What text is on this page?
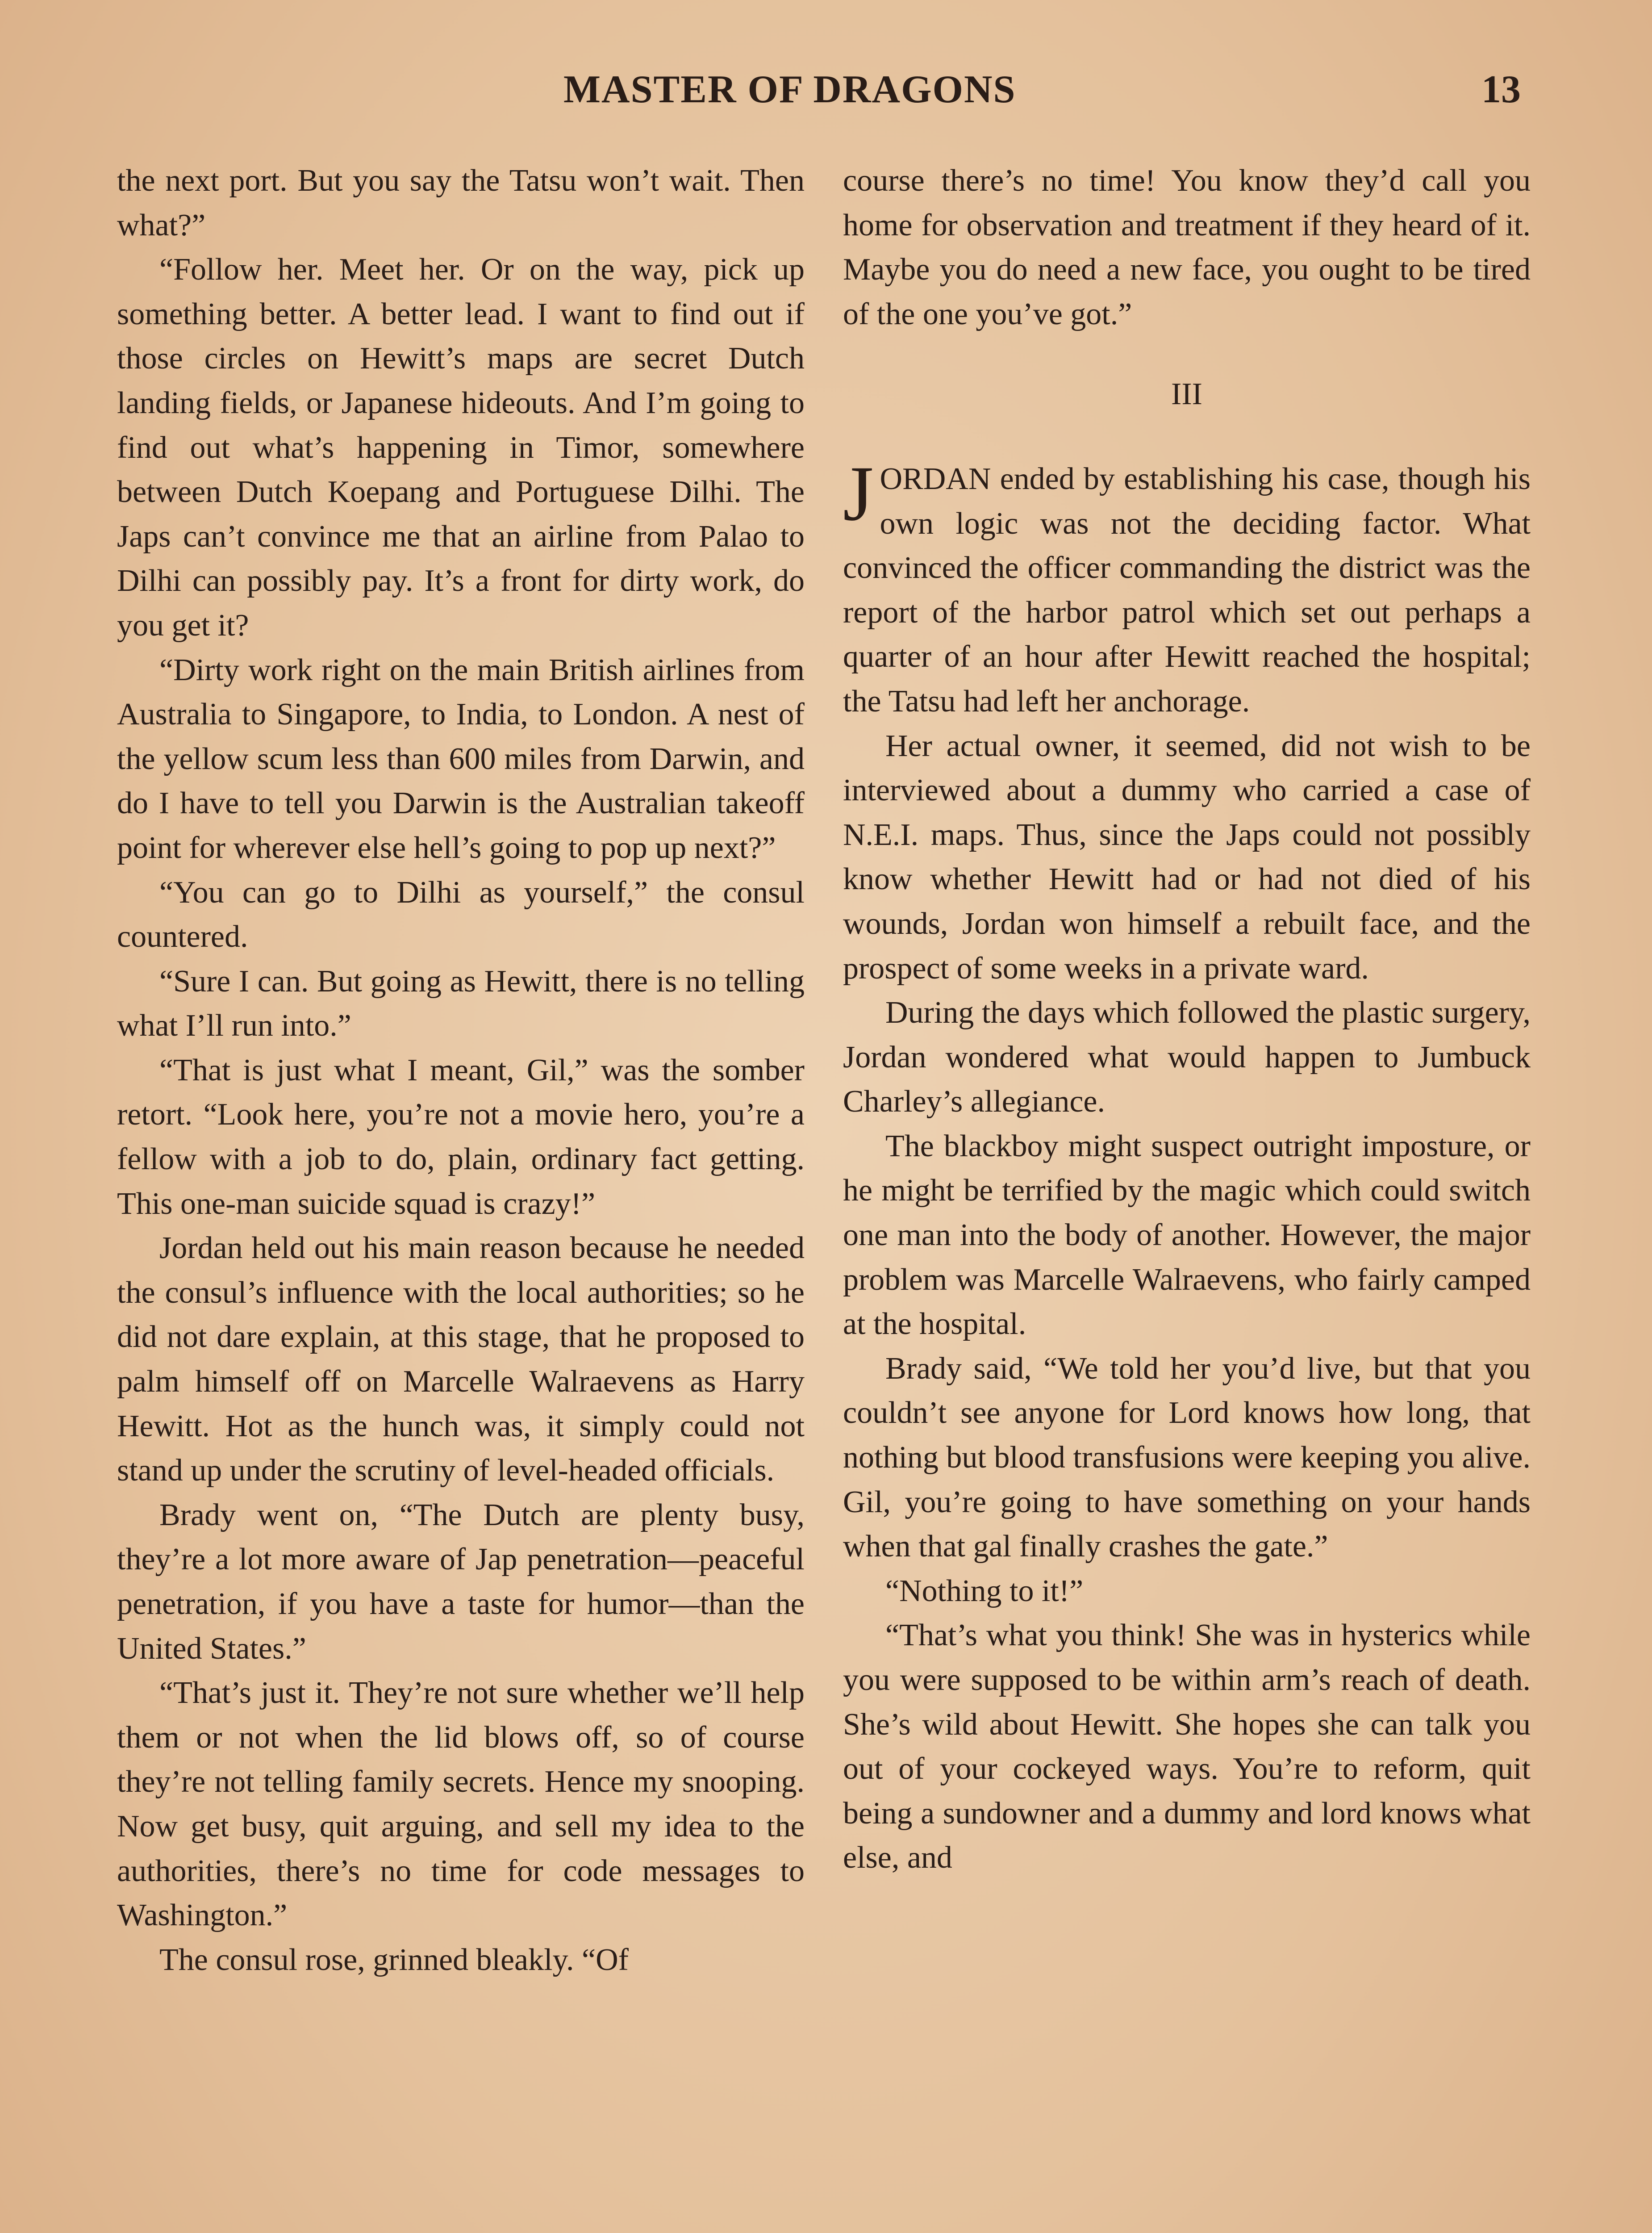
MASTER OF DRAGONS	13

the next port. But you say the Tatsu won’t wait. Then what?”

“Follow her. Meet her. Or on the way, pick up something better. A better lead. I want to find out if those circles on Hewitt’s maps are secret Dutch landing fields, or Japanese hideouts. And I’m going to find out what’s happening in Timor, somewhere between Dutch Koepang and Portuguese Dilhi. The Japs can’t convince me that an airline from Palao to Dilhi can possibly pay. It’s a front for dirty work, do you get it?

“Dirty work right on the main British airlines from Australia to Singapore, to India, to London. A nest of the yellow scum less than 600 miles from Darwin, and do I have to tell you Darwin is the Australian takeoff point for wherever else hell’s going to pop up next?”

“You can go to Dilhi as yourself,” the consul countered.

“Sure I can. But going as Hewitt, there is no telling what I’ll run into.”

“That is just what I meant, Gil,” was the somber retort. “Look here, you’re not a movie hero, you’re a fellow with a job to do, plain, ordinary fact getting. This one-man suicide squad is crazy!”

Jordan held out his main reason because he needed the consul’s influence with the local authorities; so he did not dare explain, at this stage, that he proposed to palm himself off on Marcelle Walraevens as Harry Hewitt. Hot as the hunch was, it simply could not stand up under the scrutiny of level-headed officials.

Brady went on, “The Dutch are plenty busy, they’re a lot more aware of Jap penetration—peaceful penetration, if you have a taste for humor—than the United States.”

“That’s just it. They’re not sure whether we’ll help them or not when the lid blows off, so of course they’re not telling family secrets. Hence my snooping. Now get busy, quit arguing, and sell my idea to the authorities, there’s no time for code messages to Washington.”

The consul rose, grinned bleakly. “Of

course there’s no time! You know they’d call you home for observation and treatment if they heard of it. Maybe you do need a new face, you ought to be tired of the one you’ve got.”

III

JORDAN ended by establishing his case, though his own logic was not the deciding factor. What convinced the officer commanding the district was the report of the harbor patrol which set out perhaps a quarter of an hour after Hewitt reached the hospital; the Tatsu had left her anchorage.

Her actual owner, it seemed, did not wish to be interviewed about a dummy who carried a case of N.E.I. maps. Thus, since the Japs could not possibly know whether Hewitt had or had not died of his wounds, Jordan won himself a rebuilt face, and the prospect of some weeks in a private ward.

During the days which followed the plastic surgery, Jordan wondered what would happen to Jumbuck Charley’s allegiance.

The blackboy might suspect outright imposture, or he might be terrified by the magic which could switch one man into the body of another. However, the major problem was Marcelle Walraevens, who fairly camped at the hospital.

Brady said, “We told her you’d live, but that you couldn’t see anyone for Lord knows how long, that nothing but blood transfusions were keeping you alive. Gil, you’re going to have something on your hands when that gal finally crashes the gate.”

“Nothing to it!”

“That’s what you think! She was in hysterics while you were supposed to be within arm’s reach of death. She’s wild about Hewitt. She hopes she can talk you out of your cockeyed ways. You’re to reform, quit being a sundowner and a dummy and lord knows what else, and
